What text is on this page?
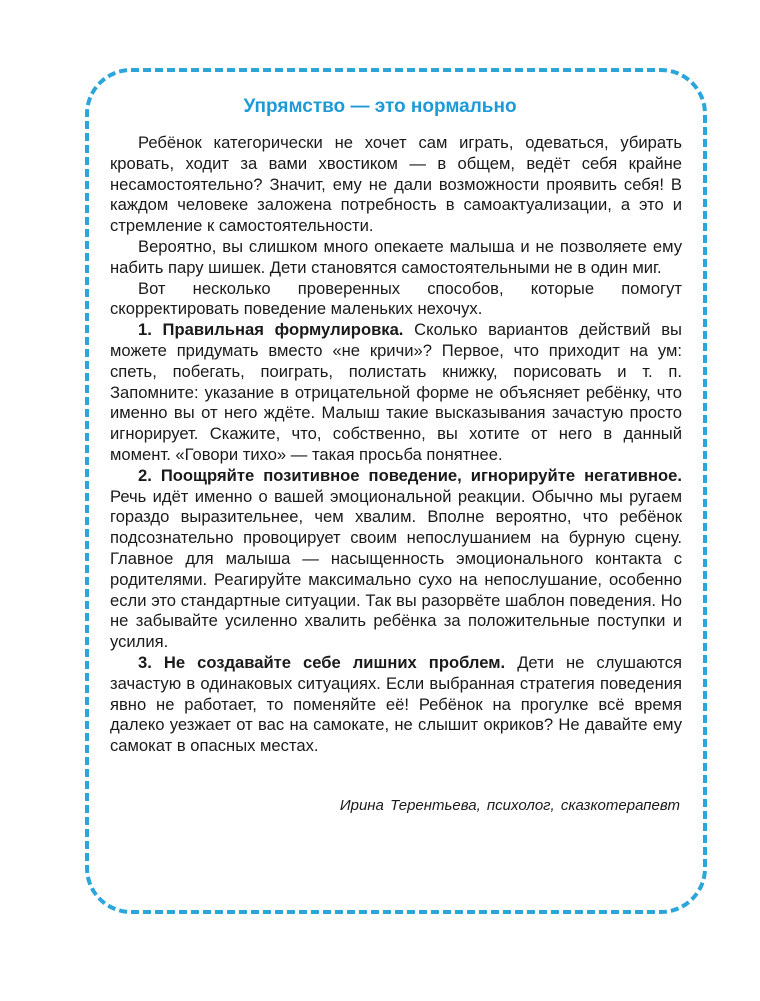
Упрямство — это нормально

Ребёнок категорически не хочет сам играть, одеваться, убирать кровать, ходит за вами хвостиком — в общем, ведёт себя крайне несамостоятельно? Значит, ему не дали возможности проявить себя! В каждом человеке заложена потребность в самоактуализации, а это и стремление к самостоятельности.

Вероятно, вы слишком много опекаете малыша и не позволяете ему набить пару шишек. Дети становятся самостоятельными не в один миг.

Вот несколько проверенных способов, которые помогут скорректировать поведение маленьких нехочух.

1. Правильная формулировка. Сколько вариантов действий вы можете придумать вместо «не кричи»? Первое, что приходит на ум: спеть, побегать, поиграть, полистать книжку, порисовать и т. п. Запомните: указание в отрицательной форме не объясняет ребёнку, что именно вы от него ждёте. Малыш такие высказывания зачастую просто игнорирует. Скажите, что, собственно, вы хотите от него в данный момент. «Говори тихо» — такая просьба понятнее.

2. Поощряйте позитивное поведение, игнорируйте негативное. Речь идёт именно о вашей эмоциональной реакции. Обычно мы ругаем гораздо выразительнее, чем хвалим. Вполне вероятно, что ребёнок подсознательно провоцирует своим непослушанием на бурную сцену. Главное для малыша — насыщенность эмоционального контакта с родителями. Реагируйте максимально сухо на непослушание, особенно если это стандартные ситуации. Так вы разорвёте шаблон поведения. Но не забывайте усиленно хвалить ребёнка за положительные поступки и усилия.

3. Не создавайте себе лишних проблем. Дети не слушаются зачастую в одинаковых ситуациях. Если выбранная стратегия поведения явно не работает, то поменяйте её! Ребёнок на прогулке всё время далеко уезжает от вас на самокате, не слышит окриков? Не давайте ему самокат в опасных местах.

Ирина Терентьева, психолог, сказкотерапевт
